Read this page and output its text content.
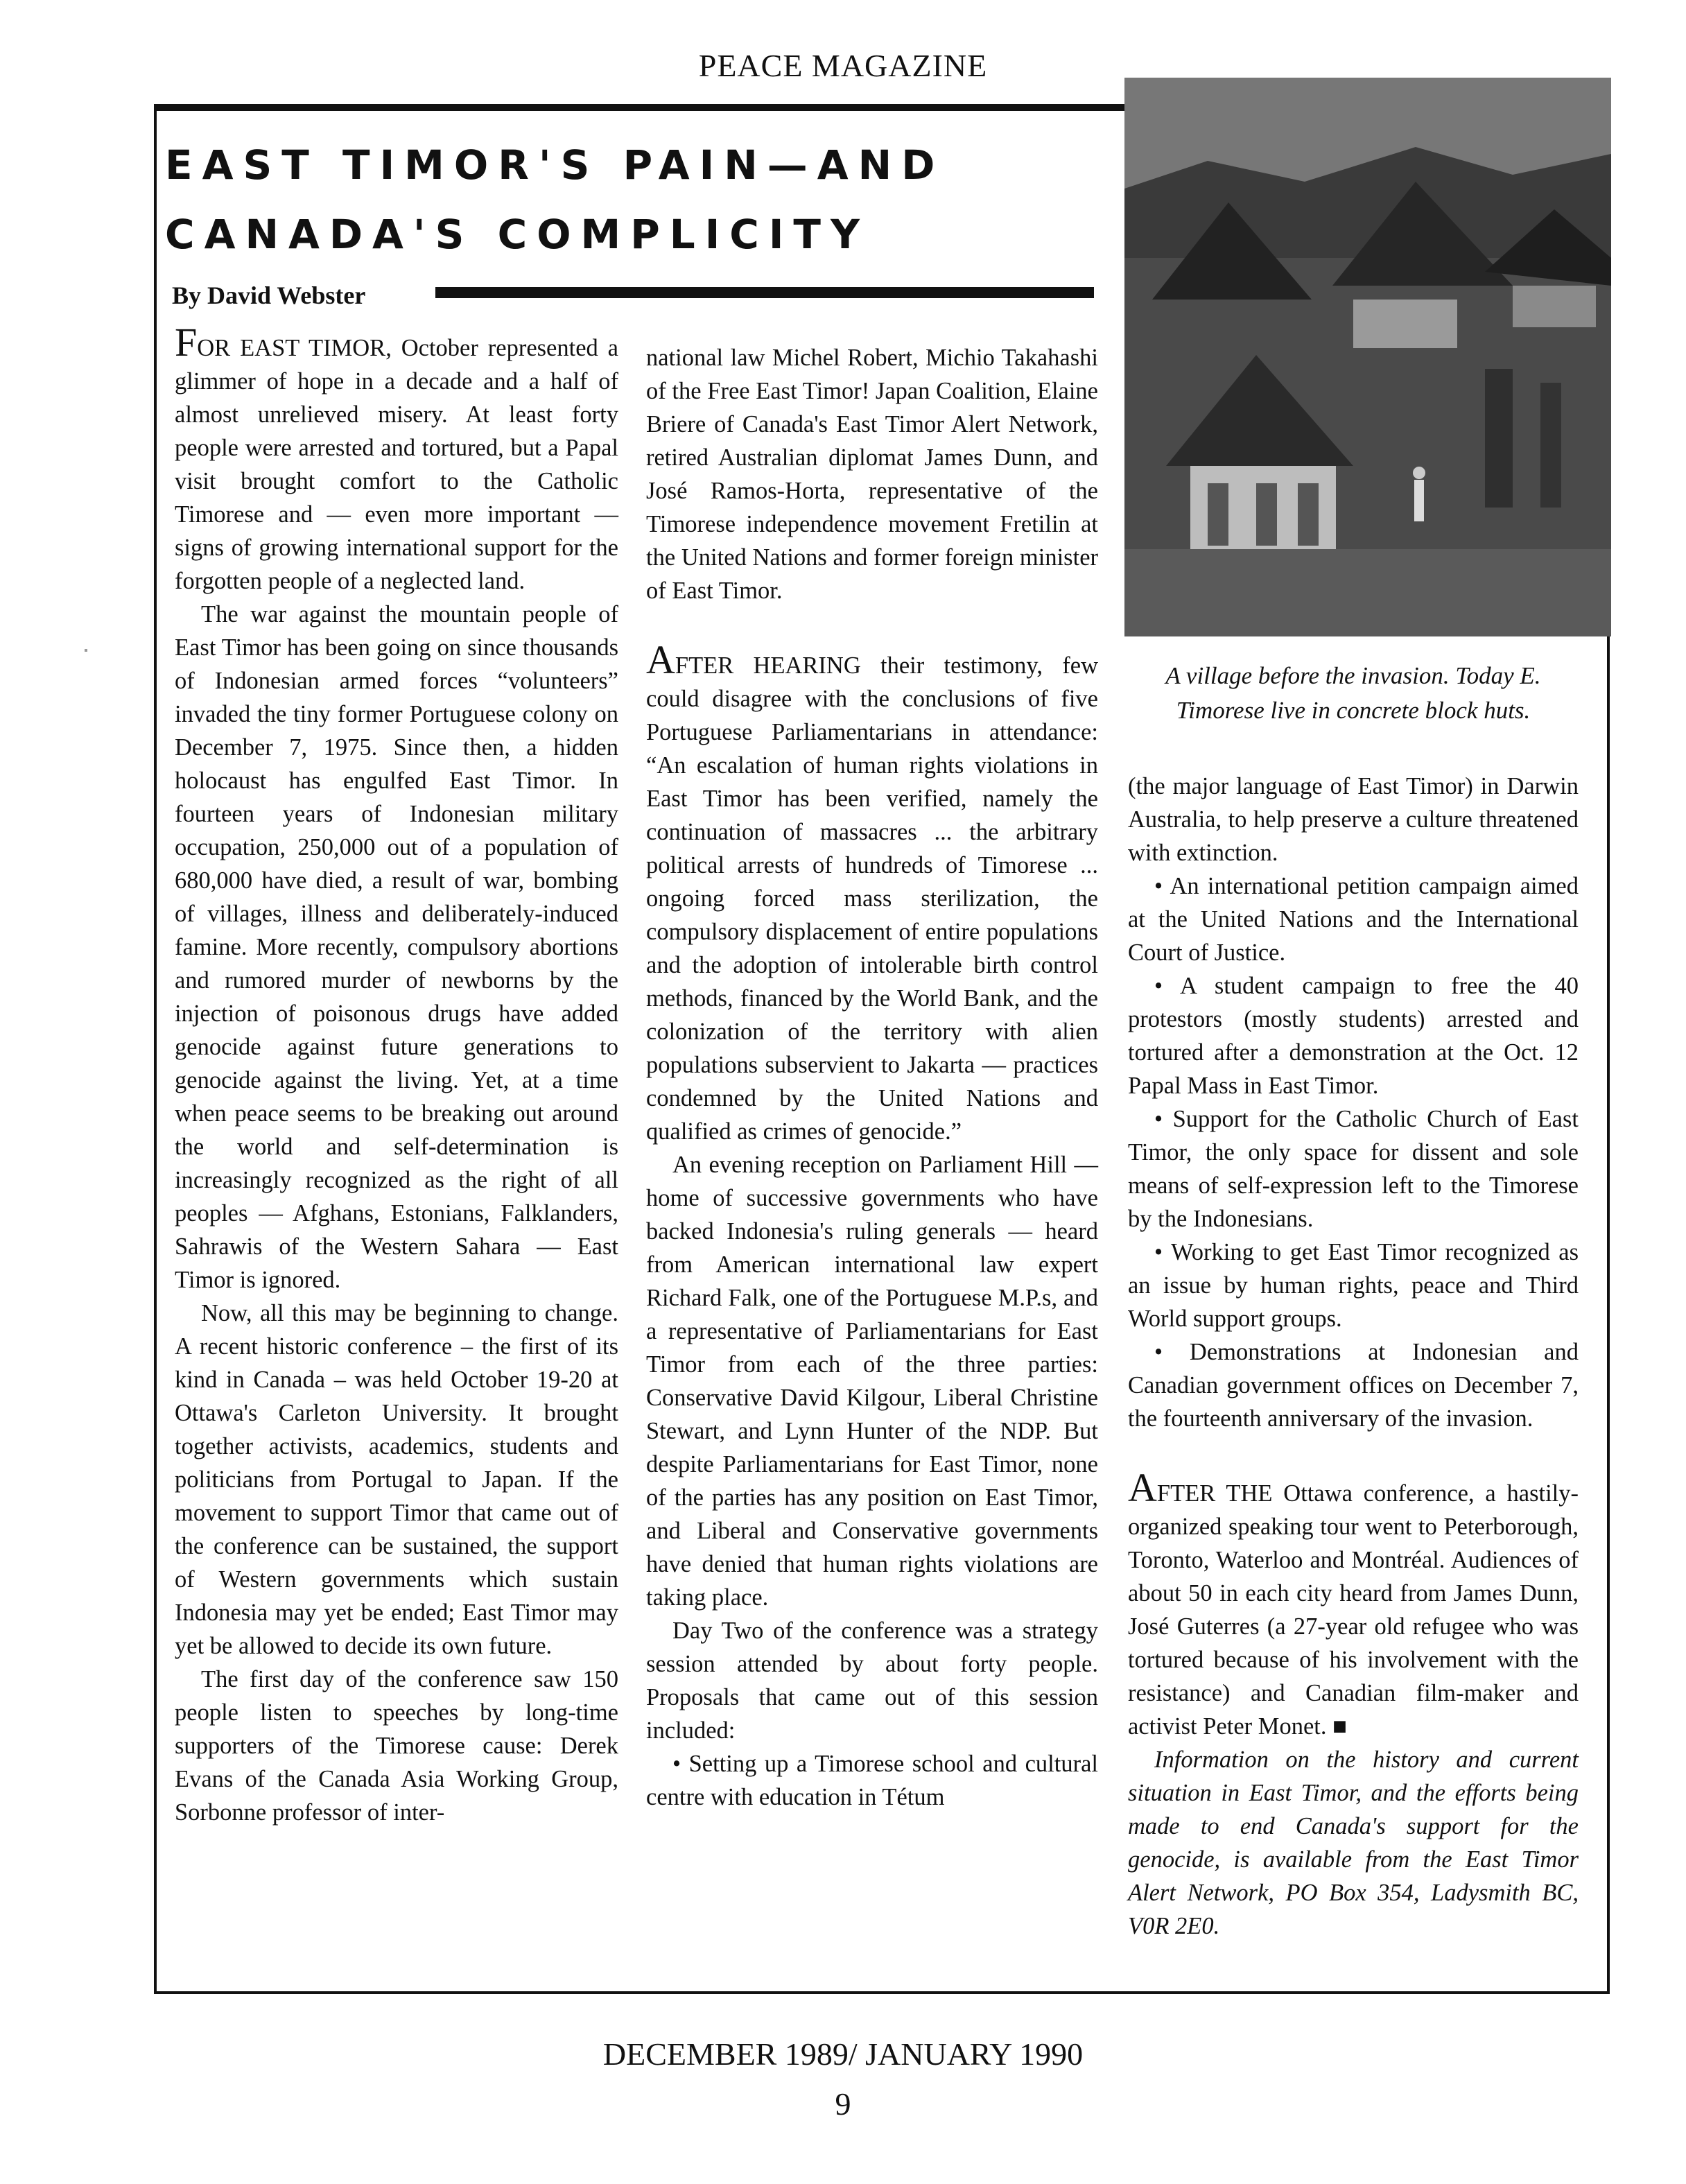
PEACE MAGAZINE
EAST TIMOR'S PAIN—AND
CANADA'S COMPLICITY
By David Webster

FOR EAST TIMOR, October represented a glimmer of hope in a decade and a half of almost unrelieved misery. At least forty people were arrested and tortured, but a Papal visit brought comfort to the Catholic Timorese and — even more important — signs of growing international support for the forgotten people of a neglected land.

The war against the mountain people of East Timor has been going on since thousands of Indonesian armed forces “volunteers” invaded the tiny former Portuguese colony on December 7, 1975. Since then, a hidden holocaust has engulfed East Timor. In fourteen years of Indonesian military occupation, 250,000 out of a population of 680,000 have died, a result of war, bombing of villages, illness and deliberately-induced famine. More recently, compulsory abortions and rumored murder of newborns by the injection of poisonous drugs have added genocide against future generations to genocide against the living. Yet, at a time when peace seems to be breaking out around the world and self-determination is increasingly recognized as the right of all peoples — Afghans, Estonians, Falklanders, Sahrawis of the Western Sahara — East Timor is ignored.

Now, all this may be beginning to change. A recent historic conference – the first of its kind in Canada – was held October 19-20 at Ottawa's Carleton University. It brought together activists, academics, students and politicians from Portugal to Japan. If the movement to support Timor that came out of the conference can be sustained, the support of Western governments which sustain Indonesia may yet be ended; East Timor may yet be allowed to decide its own future.

The first day of the conference saw 150 people listen to speeches by long-time supporters of the Timorese cause: Derek Evans of the Canada Asia Working Group, Sorbonne professor of inter-

national law Michel Robert, Michio Takahashi of the Free East Timor! Japan Coalition, Elaine Briere of Canada's East Timor Alert Network, retired Australian diplomat James Dunn, and José Ramos-Horta, representative of the Timorese independence movement Fretilin at the United Nations and former foreign minister of East Timor.

AFTER HEARING their testimony, few could disagree with the conclusions of five Portuguese Parliamentarians in attendance: “An escalation of human rights violations in East Timor has been verified, namely the continuation of massacres ... the arbitrary political arrests of hundreds of Timorese ... ongoing forced mass sterilization, the compulsory displacement of entire populations and the adoption of intolerable birth control methods, financed by the World Bank, and the colonization of the territory with alien populations subservient to Jakarta — practices condemned by the United Nations and qualified as crimes of genocide.”

An evening reception on Parliament Hill — home of successive governments who have backed Indonesia's ruling generals — heard from American international law expert Richard Falk, one of the Portuguese M.P.s, and a representative of Parliamentarians for East Timor from each of the three parties: Conservative David Kilgour, Liberal Christine Stewart, and Lynn Hunter of the NDP. But despite Parliamentarians for East Timor, none of the parties has any position on East Timor, and Liberal and Conservative governments have denied that human rights violations are taking place.

Day Two of the conference was a strategy session attended by about forty people. Proposals that came out of this session included:

• Setting up a Timorese school and cultural centre with education in Tétum

A village before the invasion. Today E. Timorese live in concrete block huts.

(the major language of East Timor) in Darwin Australia, to help preserve a culture threatened with extinction.

• An international petition campaign aimed at the United Nations and the International Court of Justice.

• A student campaign to free the 40 protestors (mostly students) arrested and tortured after a demonstration at the Oct. 12 Papal Mass in East Timor.

• Support for the Catholic Church of East Timor, the only space for dissent and sole means of self-expression left to the Timorese by the Indonesians.

• Working to get East Timor recognized as an issue by human rights, peace and Third World support groups.

• Demonstrations at Indonesian and Canadian government offices on December 7, the fourteenth anniversary of the invasion.

AFTER THE Ottawa conference, a hastily-organized speaking tour went to Peterborough, Toronto, Waterloo and Montréal. Audiences of about 50 in each city heard from James Dunn, José Guterres (a 27-year old refugee who was tortured because of his involvement with the resistance) and Canadian film-maker and activist Peter Monet. ■

Information on the history and current situation in East Timor, and the efforts being made to end Canada's support for the genocide, is available from the East Timor Alert Network, PO Box 354, Ladysmith BC, V0R 2E0.

DECEMBER 1989/ JANUARY 1990
9
